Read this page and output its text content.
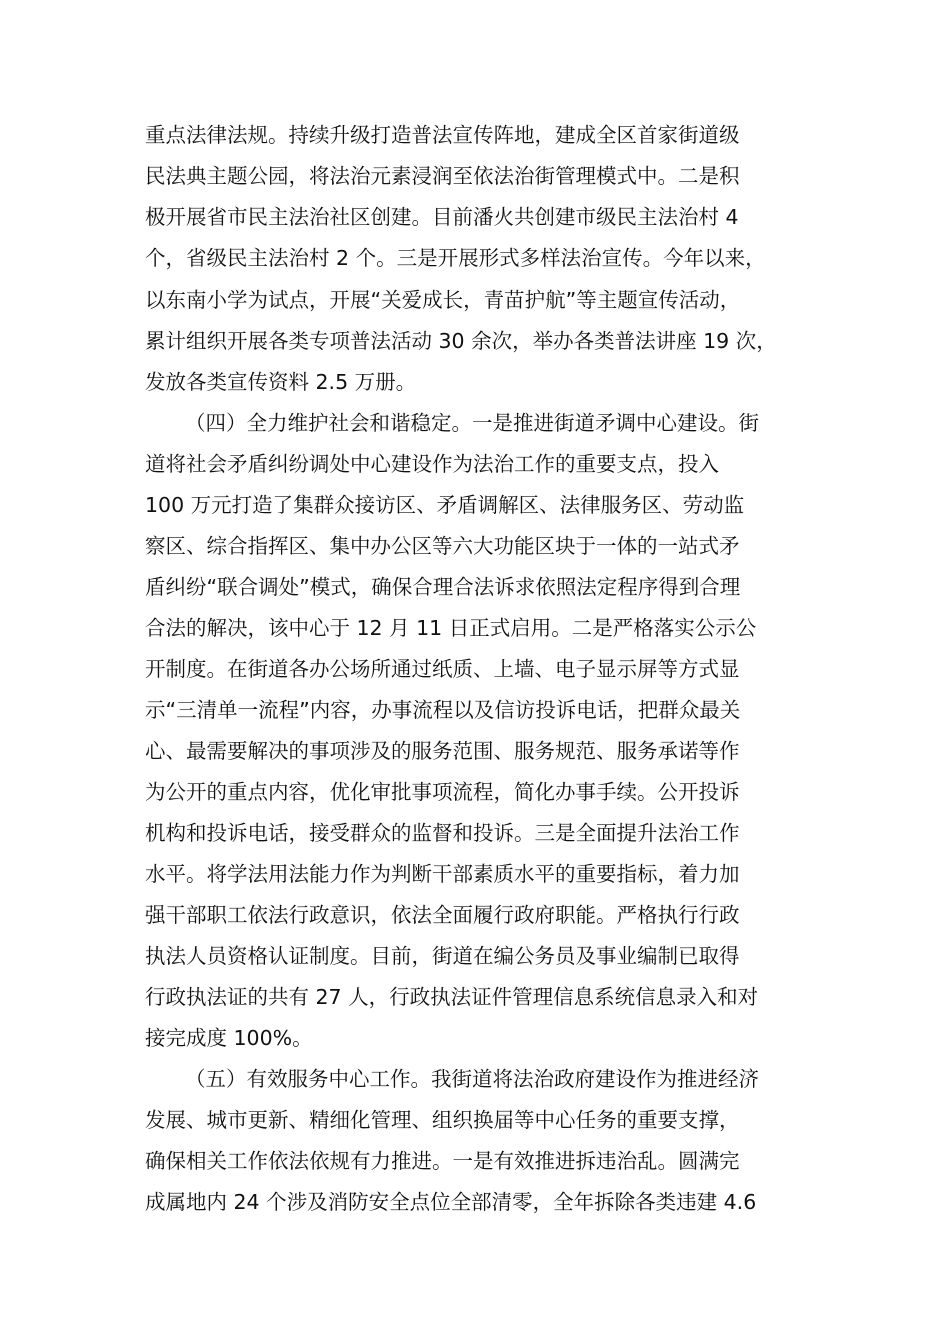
重点法律法规。持续升级打造普法宣传阵地，建成全区首家街道级
民法典主题公园，将法治元素浸润至依法治街管理模式中。二是积
极开展省市民主法治社区创建。目前潘火共创建市级民主法治村 4
个，省级民主法治村 2 个。三是开展形式多样法治宣传。今年以来，
以东南小学为试点，开展“关爱成长，青苗护航”等主题宣传活动，
累计组织开展各类专项普法活动 30 余次，举办各类普法讲座 19 次，
发放各类宣传资料 2.5 万册。
（四）全力维护社会和谐稳定。一是推进街道矛调中心建设。街
道将社会矛盾纠纷调处中心建设作为法治工作的重要支点，投入
100 万元打造了集群众接访区、矛盾调解区、法律服务区、劳动监
察区、综合指挥区、集中办公区等六大功能区块于一体的一站式矛
盾纠纷“联合调处”模式，确保合理合法诉求依照法定程序得到合理
合法的解决，该中心于 12 月 11 日正式启用。二是严格落实公示公
开制度。在街道各办公场所通过纸质、上墙、电子显示屏等方式显
示“三清单一流程”内容，办事流程以及信访投诉电话，把群众最关
心、最需要解决的事项涉及的服务范围、服务规范、服务承诺等作
为公开的重点内容，优化审批事项流程，简化办事手续。公开投诉
机构和投诉电话，接受群众的监督和投诉。三是全面提升法治工作
水平。将学法用法能力作为判断干部素质水平的重要指标，着力加
强干部职工依法行政意识，依法全面履行政府职能。严格执行行政
执法人员资格认证制度。目前，街道在编公务员及事业编制已取得
行政执法证的共有 27 人，行政执法证件管理信息系统信息录入和对
接完成度 100%。
（五）有效服务中心工作。我街道将法治政府建设作为推进经济
发展、城市更新、精细化管理、组织换届等中心任务的重要支撑，
确保相关工作依法依规有力推进。一是有效推进拆违治乱。圆满完
成属地内 24 个涉及消防安全点位全部清零，全年拆除各类违建 4.6
